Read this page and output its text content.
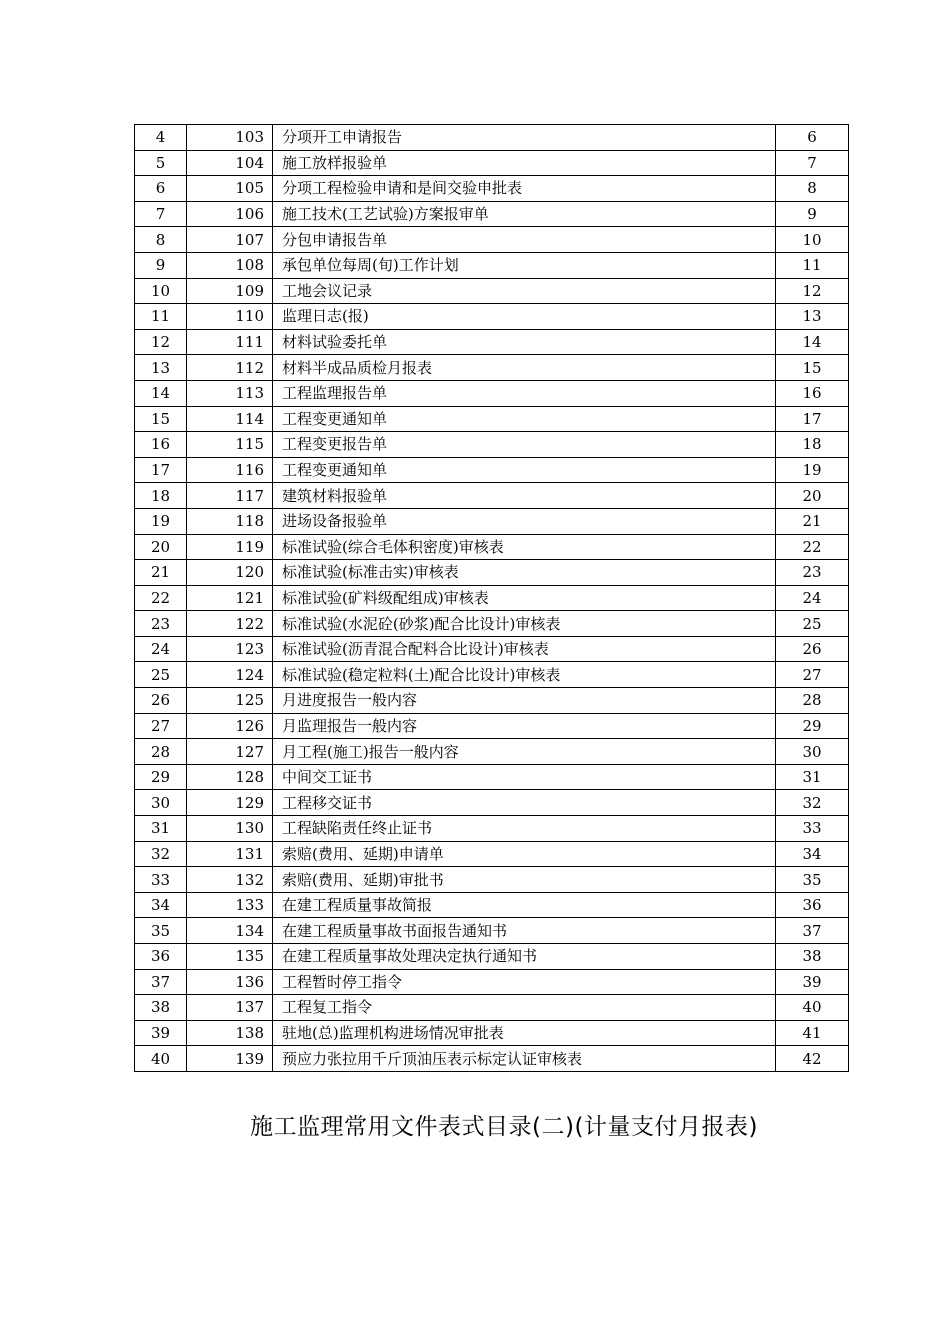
4	103	分项开工申请报告	6
5	104	施工放样报验单	7
6	105	分项工程检验申请和是间交验申批表	8
7	106	施工技术(工艺试验)方案报审单	9
8	107	分包申请报告单	10
9	108	承包单位每周(旬)工作计划	11
10	109	工地会议记录	12
11	110	监理日志(报)	13
12	111	材料试验委托单	14
13	112	材料半成品质检月报表	15
14	113	工程监理报告单	16
15	114	工程变更通知单	17
16	115	工程变更报告单	18
17	116	工程变更通知单	19
18	117	建筑材料报验单	20
19	118	进场设备报验单	21
20	119	标准试验(综合毛体积密度)审核表	22
21	120	标准试验(标准击实)审核表	23
22	121	标准试验(矿料级配组成)审核表	24
23	122	标准试验(水泥砼(砂浆)配合比设计)审核表	25
24	123	标准试验(沥青混合配料合比设计)审核表	26
25	124	标准试验(稳定粒料(土)配合比设计)审核表	27
26	125	月进度报告一般内容	28
27	126	月监理报告一般内容	29
28	127	月工程(施工)报告一般内容	30
29	128	中间交工证书	31
30	129	工程移交证书	32
31	130	工程缺陷责任终止证书	33
32	131	索赔(费用、延期)申请单	34
33	132	索赔(费用、延期)审批书	35
34	133	在建工程质量事故简报	36
35	134	在建工程质量事故书面报告通知书	37
36	135	在建工程质量事故处理决定执行通知书	38
37	136	工程暂时停工指令	39
38	137	工程复工指令	40
39	138	驻地(总)监理机构进场情况审批表	41
40	139	预应力张拉用千斤顶油压表示标定认证审核表	42
施工监理常用文件表式目录(二)(计量支付月报表)
